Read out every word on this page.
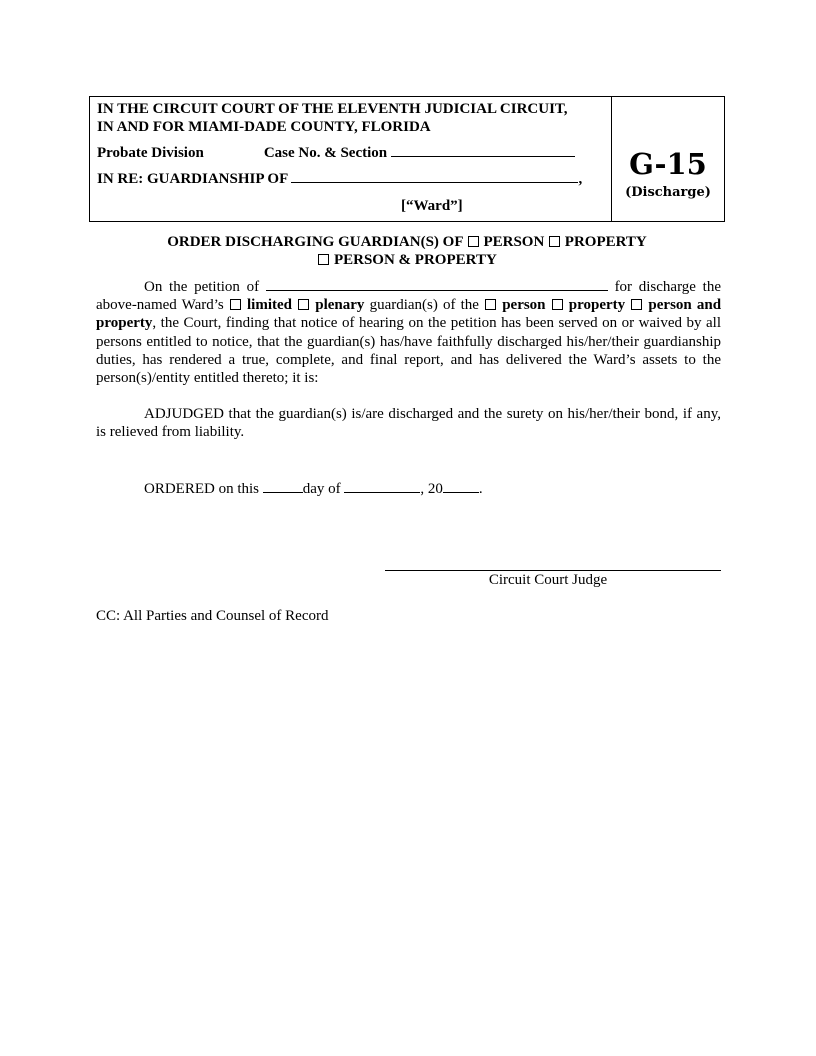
IN THE CIRCUIT COURT OF THE ELEVENTH JUDICIAL CIRCUIT,
IN AND FOR MIAMI-DADE COUNTY, FLORIDA
Probate Division	Case No. & Section
IN RE: GUARDIANSHIP OF	,
[“Ward”]
G-15
(Discharge)
ORDER DISCHARGING GUARDIAN(S) OF PERSON PROPERTY
PERSON & PROPERTY

On the petition of	for discharge the above-named Ward’s limited plenary guardian(s) of the person property person and property, the Court, finding that notice of hearing on the petition has been served on or waived by all persons entitled to notice, that the guardian(s) has/have faithfully discharged his/her/their guardianship duties, has rendered a true, complete, and final report, and has delivered the Ward’s assets to the person(s)/entity entitled thereto; it is:

ADJUDGED that the guardian(s) is/are discharged and the surety on his/her/their bond, if any, is relieved from liability.

ORDERED on this	day of	, 20 .

Circuit Court Judge
CC: All Parties and Counsel of Record
